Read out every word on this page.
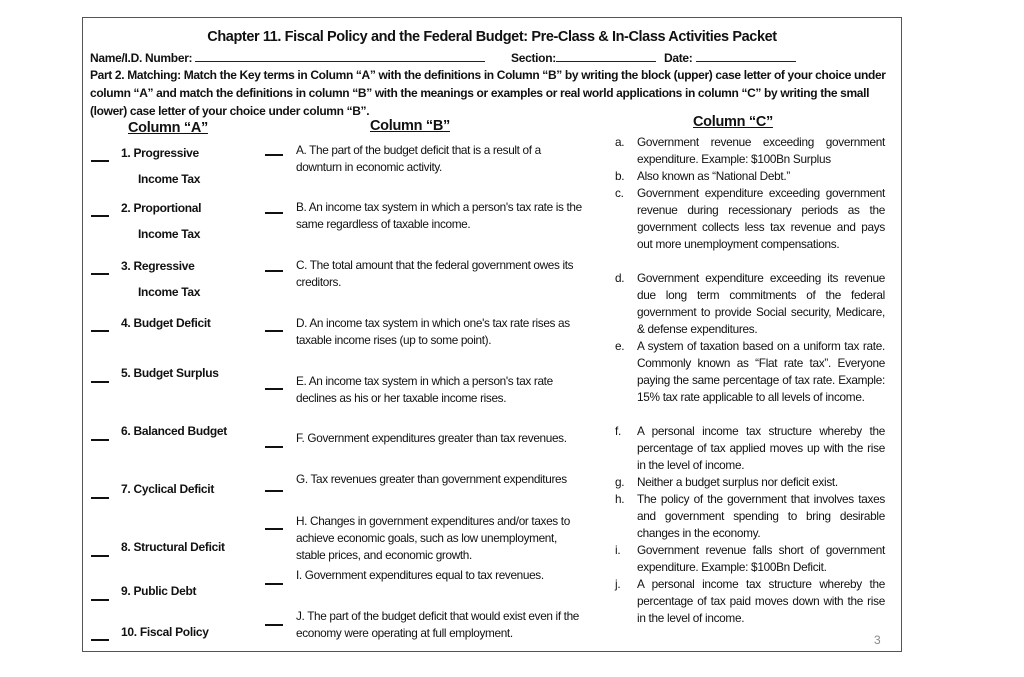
Chapter 11. Fiscal Policy and the Federal Budget: Pre-Class & In-Class Activities Packet
Name/I.D. Number:	Section:	Date:
Part 2. Matching: Match the Key terms in Column “A” with the definitions in Column “B” by writing the block (upper) case letter of your choice under column “A” and match the definitions in column “B” with the meanings or examples or real world applications in column “C” by writing the small (lower) case letter of your choice under column “B”.
Column “A”	Column “B”	Column “C”
1. Progressive
Income Tax
2. Proportional
Income Tax
3. Regressive
Income Tax
4. Budget Deficit
5. Budget Surplus
6. Balanced Budget
7. Cyclical Deficit
8. Structural Deficit
9. Public Debt
10. Fiscal Policy
A. The part of the budget deficit that is a result of a downturn in economic activity.
B. An income tax system in which a person's tax rate is the same regardless of taxable income.
C. The total amount that the federal government owes its creditors.
D. An income tax system in which one's tax rate rises as taxable income rises (up to some point).
E. An income tax system in which a person's tax rate declines as his or her taxable income rises.
F. Government expenditures greater than tax revenues.
G. Tax revenues greater than government expenditures
H. Changes in government expenditures and/or taxes to achieve economic goals, such as low unemployment, stable prices, and economic growth.
I. Government expenditures equal to tax revenues.
J. The part of the budget deficit that would exist even if the economy were operating at full employment.
a. Government revenue exceeding government expenditure. Example: $100Bn Surplus
b. Also known as “National Debt.”
c. Government expenditure exceeding government revenue during recessionary periods as the government collects less tax revenue and pays out more unemployment compensations.
d. Government expenditure exceeding its revenue due long term commitments of the federal government to provide Social security, Medicare, & defense expenditures.
e. A system of taxation based on a uniform tax rate. Commonly known as “Flat rate tax”. Everyone paying the same percentage of tax rate. Example: 15% tax rate applicable to all levels of income.
f. A personal income tax structure whereby the percentage of tax applied moves up with the rise in the level of income.
g. Neither a budget surplus nor deficit exist.
h. The policy of the government that involves taxes and government spending to bring desirable changes in the economy.
i. Government revenue falls short of government expenditure. Example: $100Bn Deficit.
j. A personal income tax structure whereby the percentage of tax paid moves down with the rise in the level of income.
3
